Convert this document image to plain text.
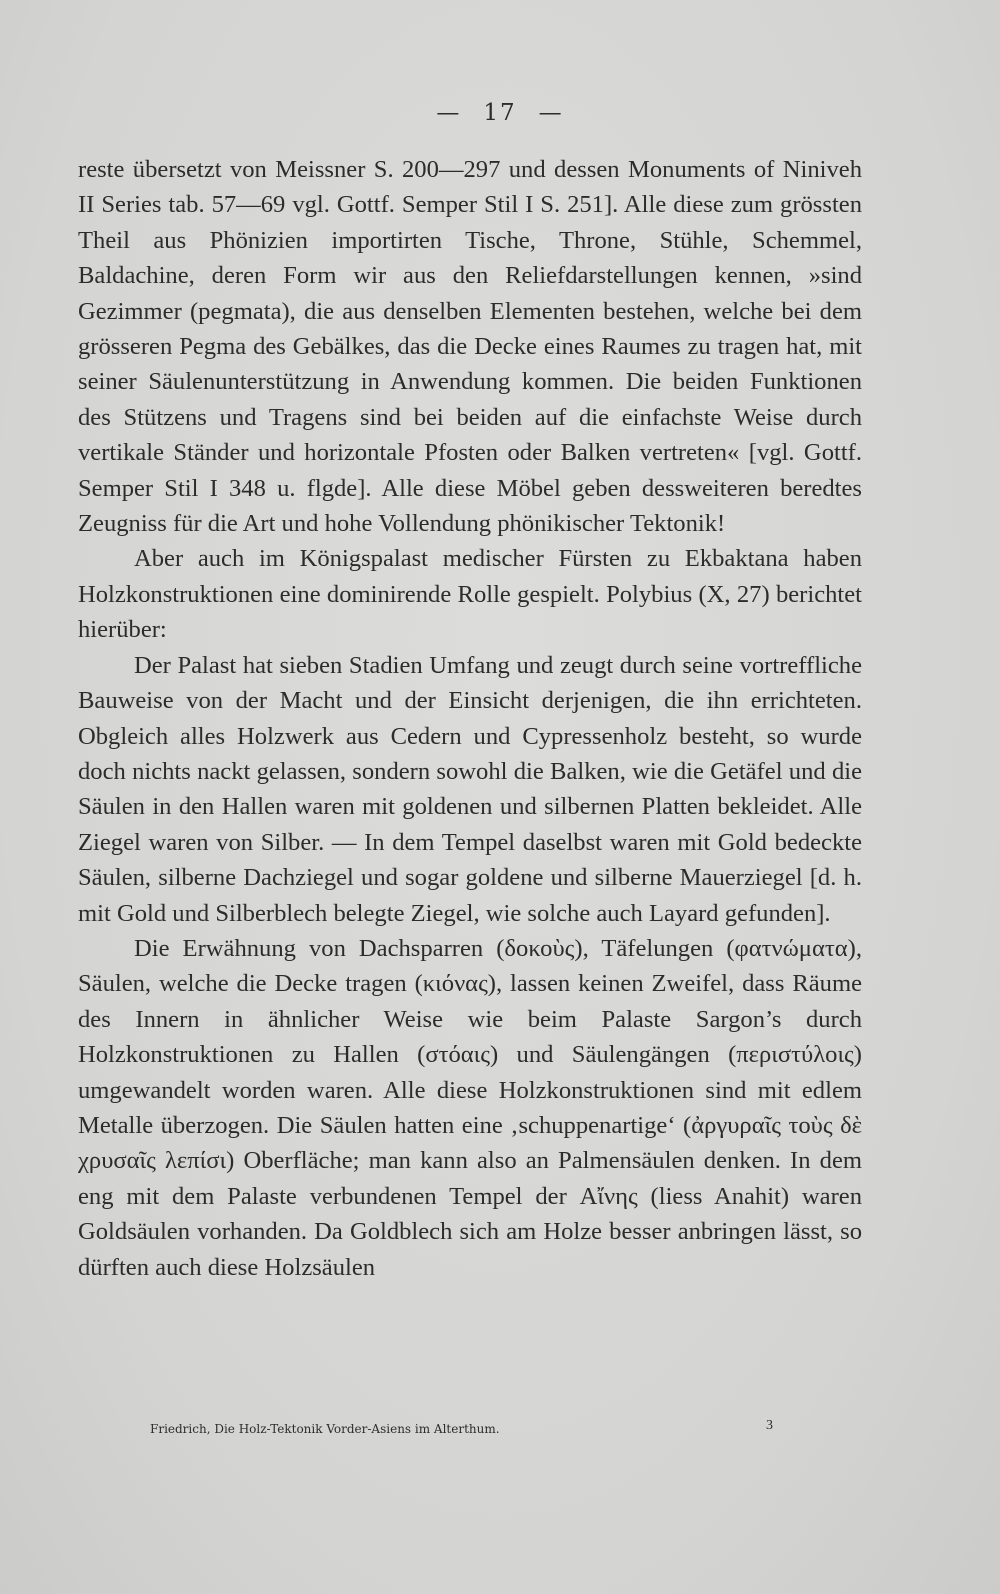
— 17 —

reste übersetzt von Meissner S. 200—297 und dessen Monuments of Niniveh II Series tab. 57—69 vgl. Gottf. Semper Stil I S. 251]. Alle diese zum grössten Theil aus Phönizien importirten Tische, Throne, Stühle, Schemmel, Baldachine, deren Form wir aus den Reliefdarstellungen kennen, »sind Gezimmer (pegmata), die aus denselben Elementen bestehen, welche bei dem grösseren Pegma des Gebälkes, das die Decke eines Raumes zu tragen hat, mit seiner Säulenunterstützung in Anwendung kommen. Die beiden Funktionen des Stützens und Tragens sind bei beiden auf die einfachste Weise durch vertikale Ständer und horizontale Pfosten oder Balken vertreten« [vgl. Gottf. Semper Stil I 348 u. flgde]. Alle diese Möbel geben dessweiteren beredtes Zeugniss für die Art und hohe Vollendung phönikischer Tektonik!

Aber auch im Königspalast medischer Fürsten zu Ekbaktana haben Holzkonstruktionen eine dominirende Rolle gespielt. Polybius (X, 27) berichtet hierüber:

Der Palast hat sieben Stadien Umfang und zeugt durch seine vortreffliche Bauweise von der Macht und der Einsicht derjenigen, die ihn errichteten. Obgleich alles Holzwerk aus Cedern und Cypressenholz besteht, so wurde doch nichts nackt gelassen, sondern sowohl die Balken, wie die Getäfel und die Säulen in den Hallen waren mit goldenen und silbernen Platten bekleidet. Alle Ziegel waren von Silber. — In dem Tempel daselbst waren mit Gold bedeckte Säulen, silberne Dachziegel und sogar goldene und silberne Mauerziegel [d. h. mit Gold und Silberblech belegte Ziegel, wie solche auch Layard gefunden].

Die Erwähnung von Dachsparren (δοκοὺς), Täfelungen (φατνώματα), Säulen, welche die Decke tragen (κιόνας), lassen keinen Zweifel, dass Räume des Innern in ähnlicher Weise wie beim Palaste Sargon’s durch Holzkonstruktionen zu Hallen (στόαις) und Säulengängen (περιστύλοις) umgewandelt worden waren. Alle diese Holzkonstruktionen sind mit edlem Metalle überzogen. Die Säulen hatten eine ‚schuppenartige‘ (ἀργυραῖς τοὺς δὲ χρυσαῖς λεπίσι) Oberfläche; man kann also an Palmensäulen denken. In dem eng mit dem Palaste verbundenen Tempel der Αἴνης (liess Anahit) waren Goldsäulen vorhanden. Da Goldblech sich am Holze besser anbringen lässt, so dürften auch diese Holzsäulen

Friedrich, Die Holz-Tektonik Vorder-Asiens im Alterthum.	3
